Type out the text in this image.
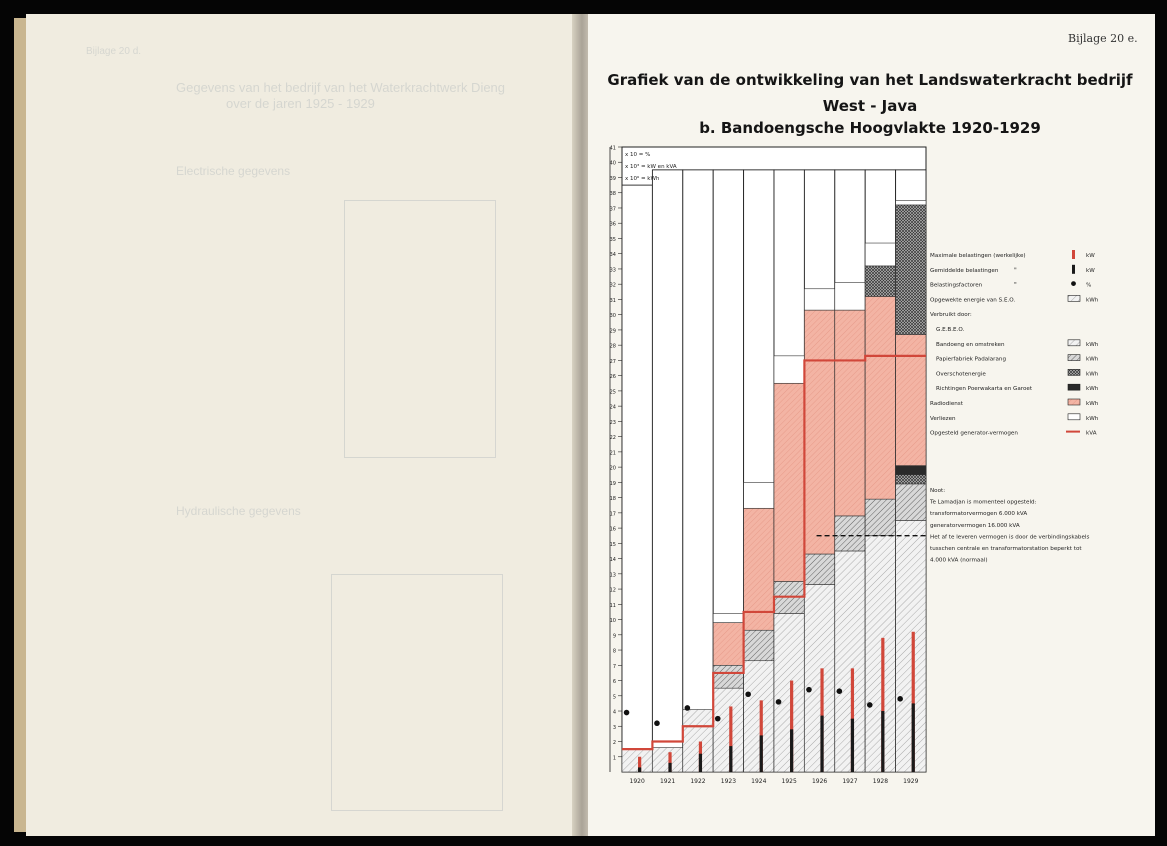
Bijlage 20 d.
Gegevens van het bedrijf van het Waterkrachtwerk Dieng
over de jaren 1925 - 1929
Electrische gegevens
Hydraulische gegevens
Bijlage 20 e.
Grafiek van de ontwikkeling van het Landswaterkracht bedrijf
West - Java
b. Bandoengsche Hoogvlakte 1920-1929
1
2
3
4
5
6
7
8
9
10
11
12
13
14
15
16
17
18
19
20
21
22
23
24
25
26
27
28
29
30
31
32
33
34
35
36
37
38
39
40
41
x 10 = %
x 10³ = kW en kVA
x 10⁶ = kWh
1920	1921	1922	1923	1924	1925	1926	1927	1928	1929
Maximale belastingen (werkelijke)	kW
Gemiddelde belastingen	"	kW
Belastingsfactoren	"	%
Opgewekte energie van S.E.O.	kWh
Verbruikt door:
G.E.B.E.O.
Bandoeng en omstreken	kWh
Papierfabriek Padalarang	kWh
Overschotenergie	kWh
Richtingen Poerwakarta en Garoet	kWh
Radiodienst	kWh
Verliezen	kWh
Opgesteld generator-vermogen	kVA
Noot:
Te Lamadjan is momenteel opgesteld:
transformatorvermogen 6.000 kVA
generatorvermogen 16.000 kVA
Het af te leveren vermogen is door de verbindingskabels
tusschen centrale en transformatorstation beperkt tot
4.000 kVA (normaal)
